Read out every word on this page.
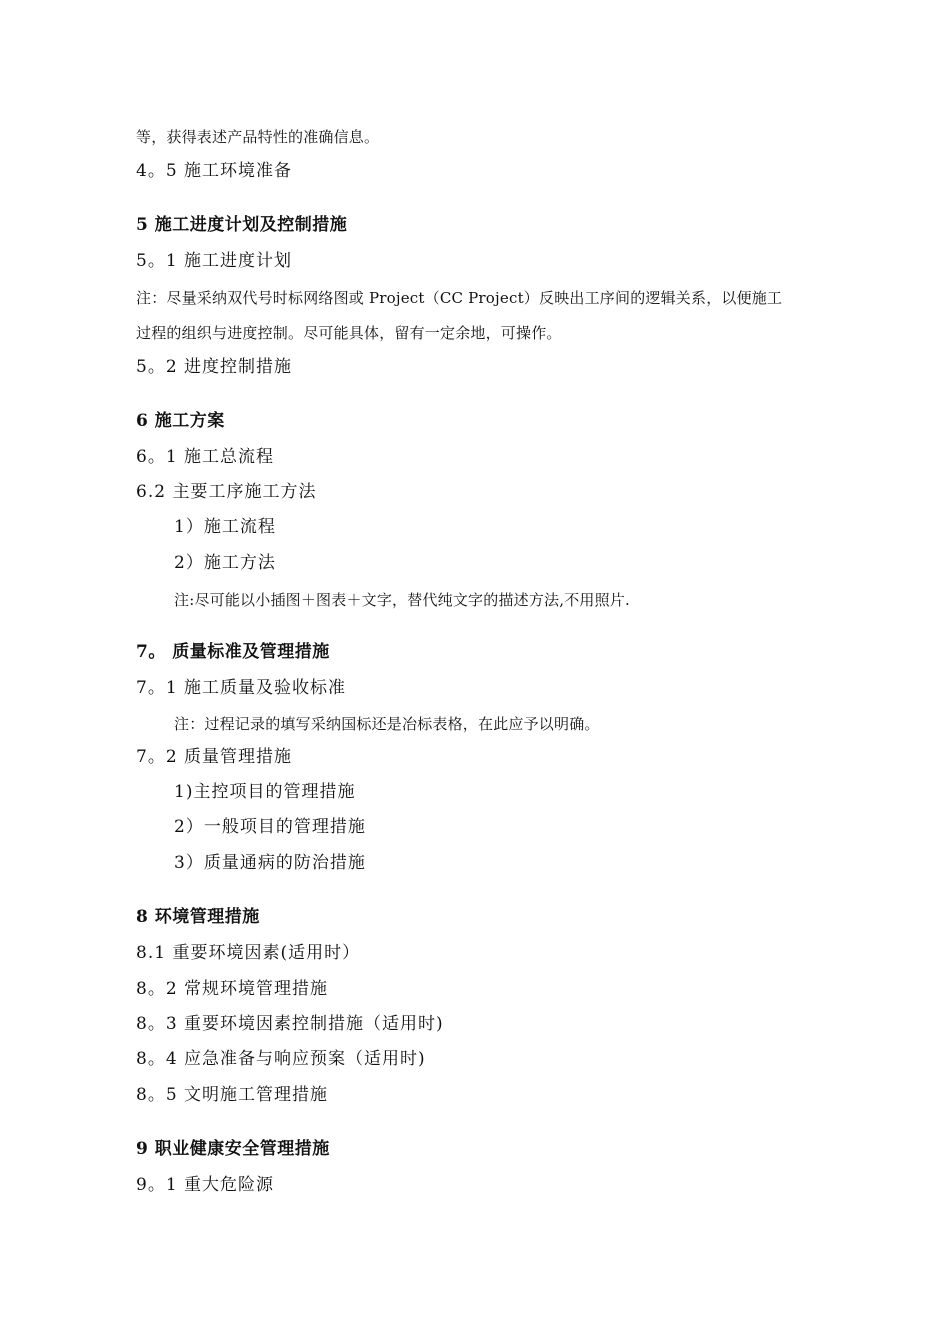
等，获得表述产品特性的准确信息。
4。5 施工环境准备
5 施工进度计划及控制措施
5。1 施工进度计划
注：尽量采纳双代号时标网络图或 Project（CC Project）反映出工序间的逻辑关系，以便施工
过程的组织与进度控制。尽可能具体，留有一定余地，可操作。
5。2 进度控制措施
6 施工方案
6。1 施工总流程
6.2 主要工序施工方法
1）施工流程
2）施工方法
注:尽可能以小插图＋图表＋文字，替代纯文字的描述方法,不用照片.
7。 质量标准及管理措施
7。1 施工质量及验收标准
注：过程记录的填写采纳国标还是冶标表格，在此应予以明确。
7。2 质量管理措施
1)主控项目的管理措施
2）一般项目的管理措施
3）质量通病的防治措施
8 环境管理措施
8.1 重要环境因素(适用时）
8。2 常规环境管理措施
8。3 重要环境因素控制措施（适用时)
8。4 应急准备与响应预案（适用时)
8。5 文明施工管理措施
9 职业健康安全管理措施
9。1 重大危险源
